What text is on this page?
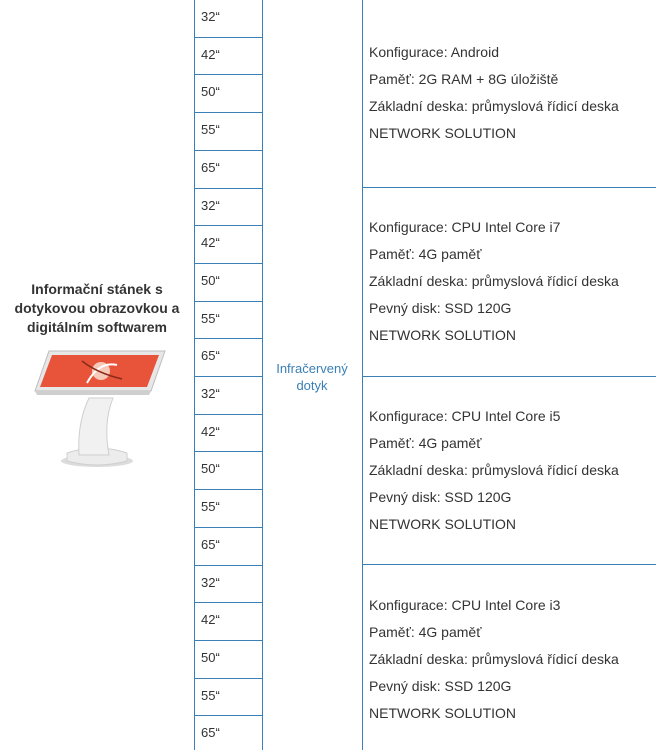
Informační stánek s
dotykovou obrazovkou a
digitálním softwarem

32“
42“
50“
55“
65“
32“
42“
50“
55“
65“
32“
42“
50“
55“
65“
32“
42“
50“
55“
65“
Infračervený
dotyk
Konfigurace: Android
Paměť: 2G RAM + 8G úložiště
Základní deska: průmyslová řídicí deska
NETWORK SOLUTION
Konfigurace: CPU Intel Core i7
Paměť: 4G paměť
Základní deska: průmyslová řídicí deska
Pevný disk: SSD 120G
NETWORK SOLUTION
Konfigurace: CPU Intel Core i5
Paměť: 4G paměť
Základní deska: průmyslová řídicí deska
Pevný disk: SSD 120G
NETWORK SOLUTION
Konfigurace: CPU Intel Core i3
Paměť: 4G paměť
Základní deska: průmyslová řídicí deska
Pevný disk: SSD 120G
NETWORK SOLUTION
